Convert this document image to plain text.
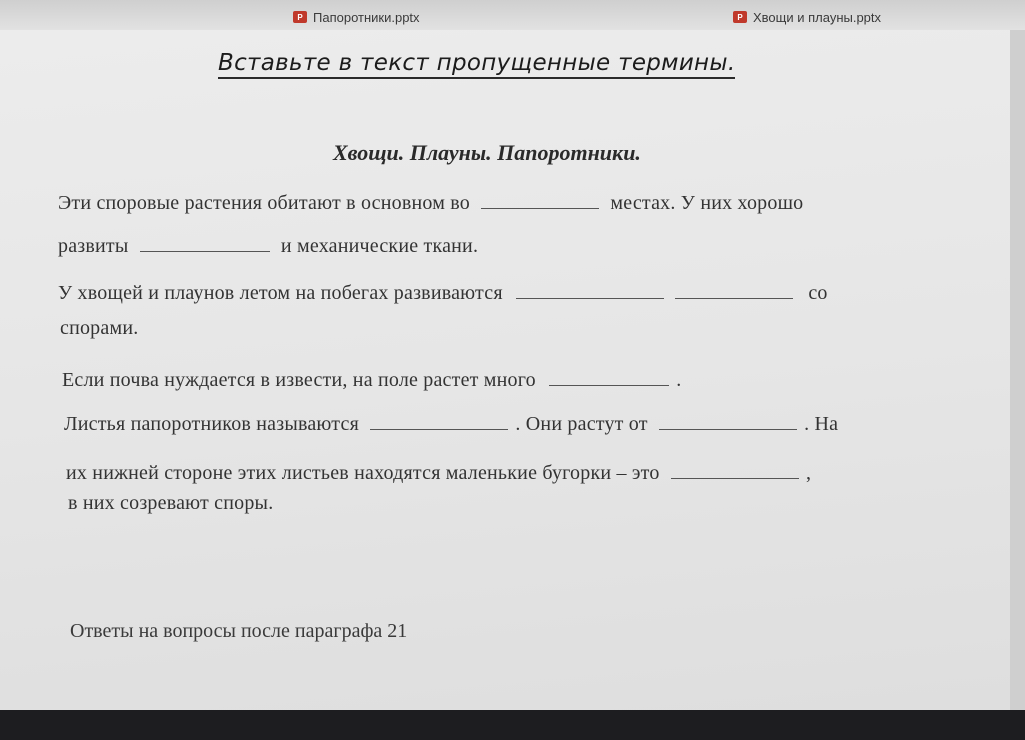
P Папоротники.pptx	P Хвощи и плауны.pptx
Вставьте в текст пропущенные термины.
Хвощи. Плауны. Папоротники.
Эти споровые растения обитают в основном во	местах. У них хорошо
развиты	и механические ткани.
У хвощей и плаунов летом на побегах развиваются	со
спорами.
Если почва нуждается в извести, на поле растет много	.
Листья папоротников называются	. Они растут от	. На
их нижней стороне этих листьев находятся маленькие бугорки – это	,
в них созревают споры.
Ответы на вопросы после параграфа 21
